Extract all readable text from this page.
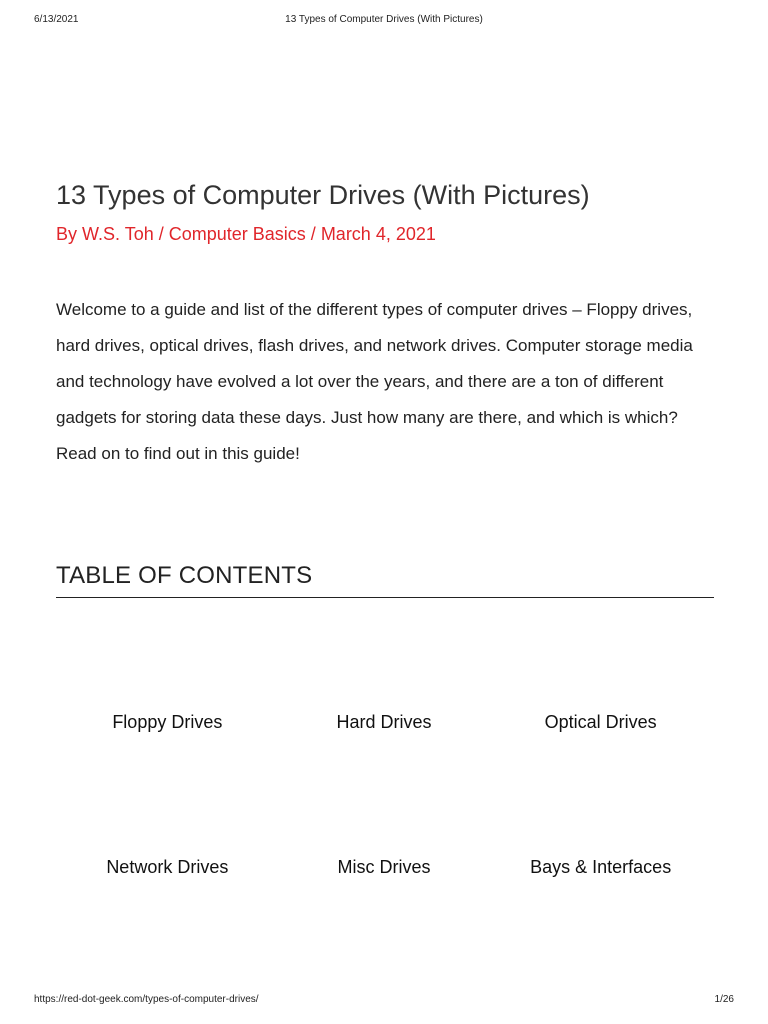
6/13/2021	13 Types of Computer Drives (With Pictures)
13 Types of Computer Drives (With Pictures)
By W.S. Toh / Computer Basics / March 4, 2021

Welcome to a guide and list of the different types of computer drives – Floppy drives, hard drives, optical drives, flash drives, and network drives. Computer storage media and technology have evolved a lot over the years, and there are a ton of different gadgets for storing data these days. Just how many are there, and which is which? Read on to find out in this guide!

TABLE OF CONTENTS
Floppy Drives	Hard Drives	Optical Drives
Network Drives	Misc Drives	Bays & Interfaces
https://red-dot-geek.com/types-of-computer-drives/	1/26
